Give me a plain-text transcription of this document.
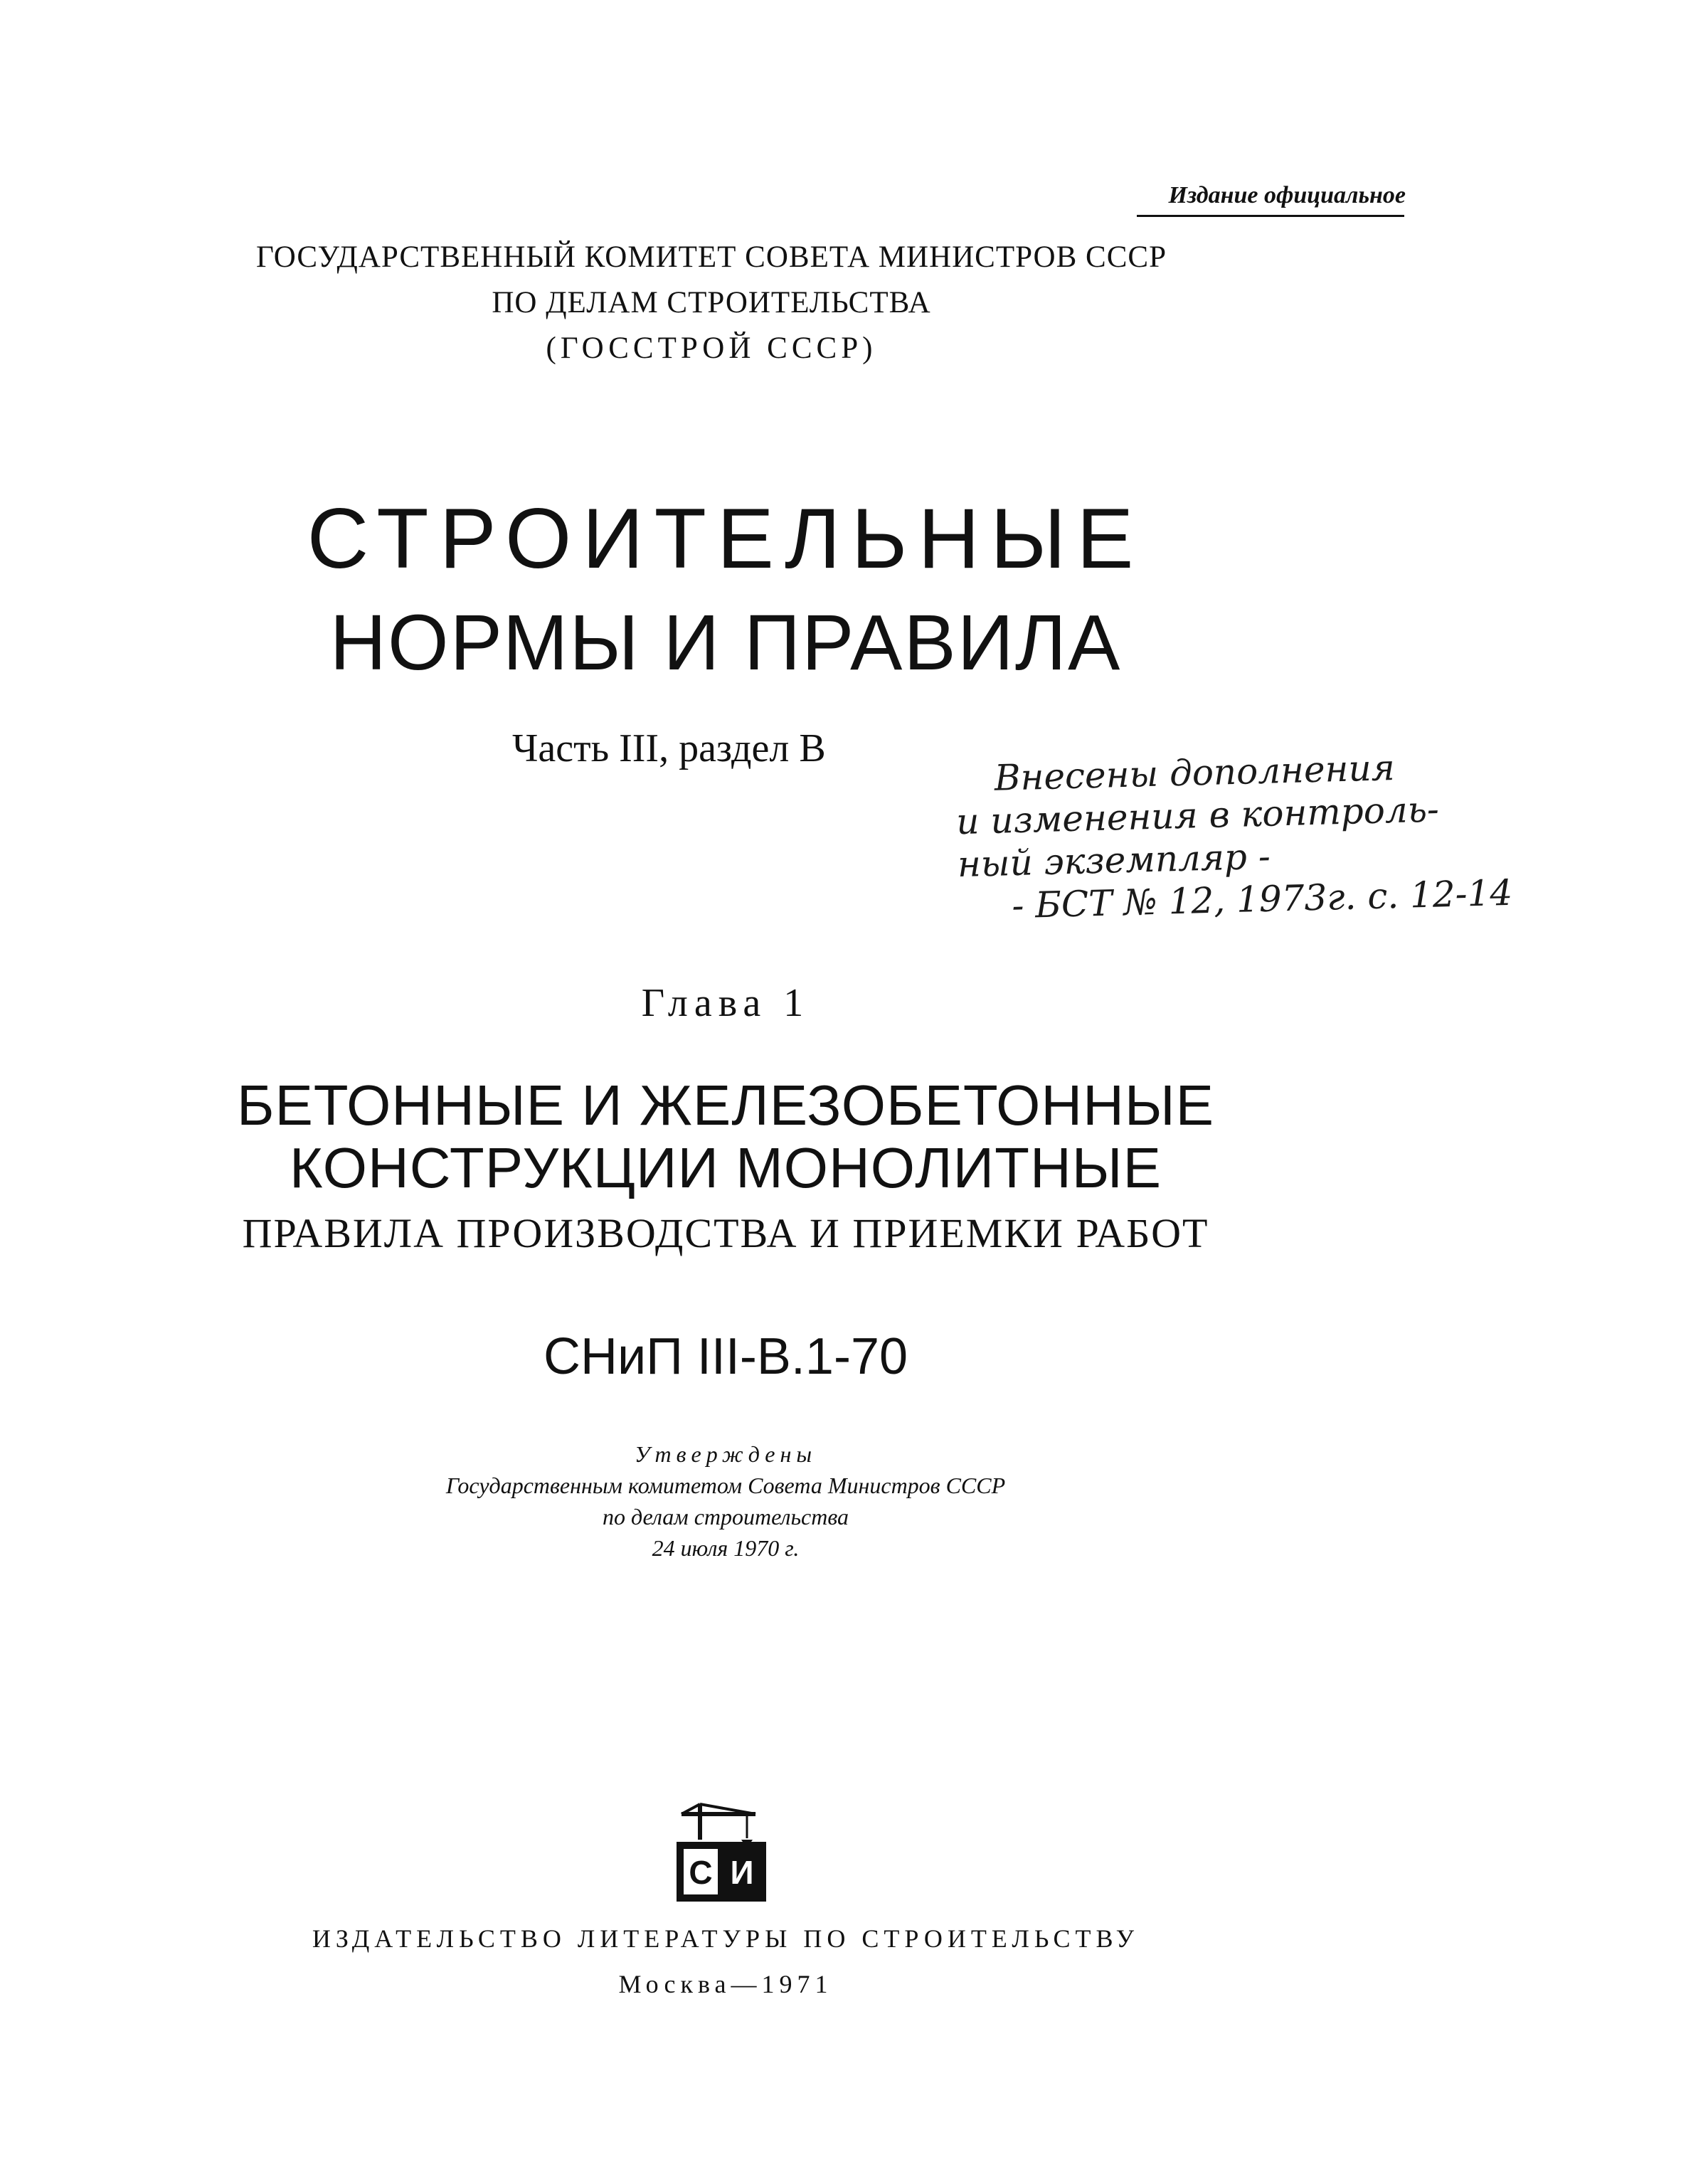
Издание официальное
ГОСУДАРСТВЕННЫЙ КОМИТЕТ СОВЕТА МИНИСТРОВ СССР
ПО ДЕЛАМ СТРОИТЕЛЬСТВА
(ГОССТРОЙ СССР)
СТРОИТЕЛЬНЫЕ
НОРМЫ И ПРАВИЛА
Часть III, раздел В	Внесены дополнения
и изменения в контроль-
ный экземпляр -
- БСТ № 12, 1973г. с. 12-14
Глава 1
БЕТОННЫЕ И ЖЕЛЕЗОБЕТОННЫЕ
КОНСТРУКЦИИ МОНОЛИТНЫЕ
ПРАВИЛА ПРОИЗВОДСТВА И ПРИЕМКИ РАБОТ
СНиП III-В.1-70
Утверждены
Государственным комитетом Совета Министров СССР
по делам строительства
24 июля 1970 г.
С И
ИЗДАТЕЛЬСТВО ЛИТЕРАТУРЫ ПО СТРОИТЕЛЬСТВУ
Москва—1971
